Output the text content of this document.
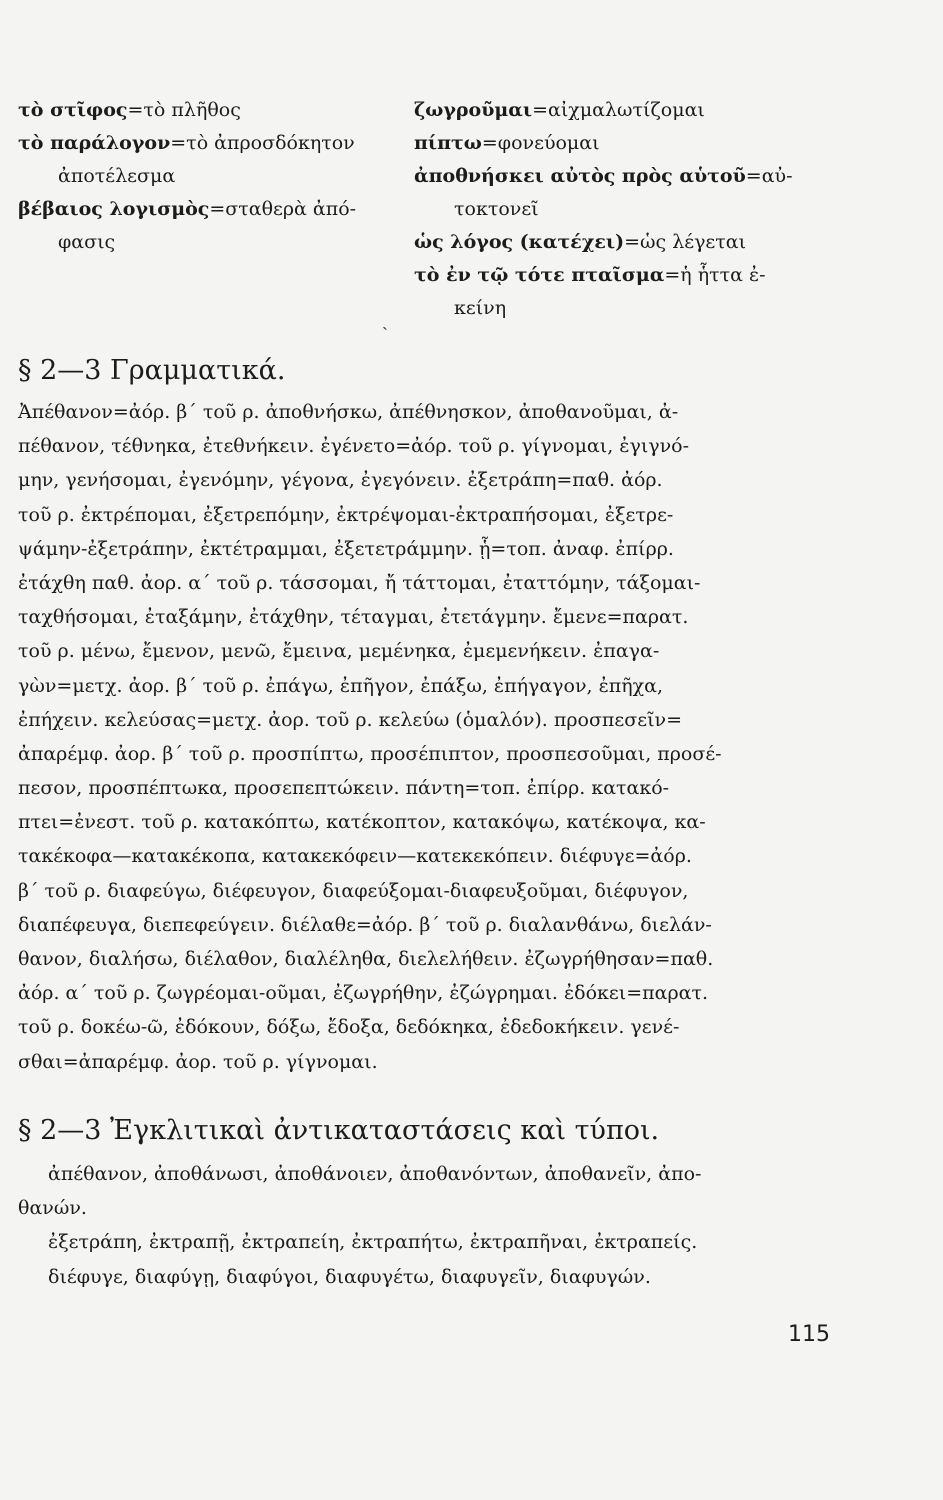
τὸ στῖφος=τὸ πλῆθος
τὸ παράλογον=τὸ ἀπροσδόκητον
ἀποτέλεσμα
βέβαιος λογισμὸς=σταθερὰ ἀπό-
φασις
ζωγροῦμαι=αἰχμαλωτίζομαι
πίπτω=φονεύομαι
ἀποθνήσκει αὐτὸς πρὸς αὑτοῦ=αὐ-
τοκτονεῖ
ὡς λόγος (κατέχει)=ὡς λέγεται
τὸ ἐν τῷ τότε πταῖσμα=ἡ ἧττα ἐ-
κείνη
ˎ
§ 2—3 Γραμματικά.
Ἀπέθανον=ἀόρ. β΄ τοῦ ρ. ἀποθνήσκω, ἀπέθνησκον, ἀποθανοῦμαι, ἀ-
πέθανον, τέθνηκα, ἐτεθνήκειν. ἐγένετο=ἀόρ. τοῦ ρ. γίγνομαι, ἐγιγνό-
μην, γενήσομαι, ἐγενόμην, γέγονα, ἐγεγόνειν. ἐξετράπη=παθ. ἀόρ.
τοῦ ρ. ἐκτρέπομαι, ἐξετρεπόμην, ἐκτρέψομαι-ἐκτραπήσομαι, ἐξετρε-
ψάμην-ἐξετράπην, ἐκτέτραμμαι, ἐξετετράμμην. ᾗ=τοπ. ἀναφ. ἐπίρρ.
ἐτάχθη παθ. ἀορ. α΄ τοῦ ρ. τάσσομαι, ἤ τάττομαι, ἐταττόμην, τάξομαι-
ταχθήσομαι, ἐταξάμην, ἐτάχθην, τέταγμαι, ἐτετάγμην. ἔμενε=παρατ.
τοῦ ρ. μένω, ἔμενον, μενῶ, ἔμεινα, μεμένηκα, ἐμεμενήκειν. ἐπαγα-
γὼν=μετχ. ἀορ. β΄ τοῦ ρ. ἐπάγω, ἐπῆγον, ἐπάξω, ἐπήγαγον, ἐπῆχα,
ἐπήχειν. κελεύσας=μετχ. ἀορ. τοῦ ρ. κελεύω (ὁμαλόν). προσπεσεῖν=
ἀπαρέμφ. ἀορ. β΄ τοῦ ρ. προσπίπτω, προσέπιπτον, προσπεσοῦμαι, προσέ-
πεσον, προσπέπτωκα, προσεπεπτώκειν. πάντη=τοπ. ἐπίρρ. κατακό-
πτει=ἐνεστ. τοῦ ρ. κατακόπτω, κατέκοπτον, κατακόψω, κατέκοψα, κα-
τακέκοφα—κατακέκοπα, κατακεκόφειν—κατεκεκόπειν. διέφυγε=ἀόρ.
β΄ τοῦ ρ. διαφεύγω, διέφευγον, διαφεύξομαι-διαφευξοῦμαι, διέφυγον,
διαπέφευγα, διεπεφεύγειν. διέλαθε=ἀόρ. β΄ τοῦ ρ. διαλανθάνω, διελάν-
θανον, διαλήσω, διέλαθον, διαλέληθα, διελελήθειν. ἐζωγρήθησαν=παθ.
ἀόρ. α΄ τοῦ ρ. ζωγρέομαι-οῦμαι, ἐζωγρήθην, ἐζώγρημαι. ἐδόκει=παρατ.
τοῦ ρ. δοκέω-ῶ, ἐδόκουν, δόξω, ἔδοξα, δεδόκηκα, ἐδεδοκήκειν. γενέ-
σθαι=ἀπαρέμφ. ἀορ. τοῦ ρ. γίγνομαι.
§ 2—3 Ἐγκλιτικαὶ ἀντικαταστάσεις καὶ τύποι.
ἀπέθανον, ἀποθάνωσι, ἀποθάνοιεν, ἀποθανόντων, ἀποθανεῖν, ἀπο-
θανών.
ἐξετράπη, ἐκτραπῇ, ἐκτραπείη, ἐκτραπήτω, ἐκτραπῆναι, ἐκτραπείς.
διέφυγε, διαφύγῃ, διαφύγοι, διαφυγέτω, διαφυγεῖν, διαφυγών.
115
